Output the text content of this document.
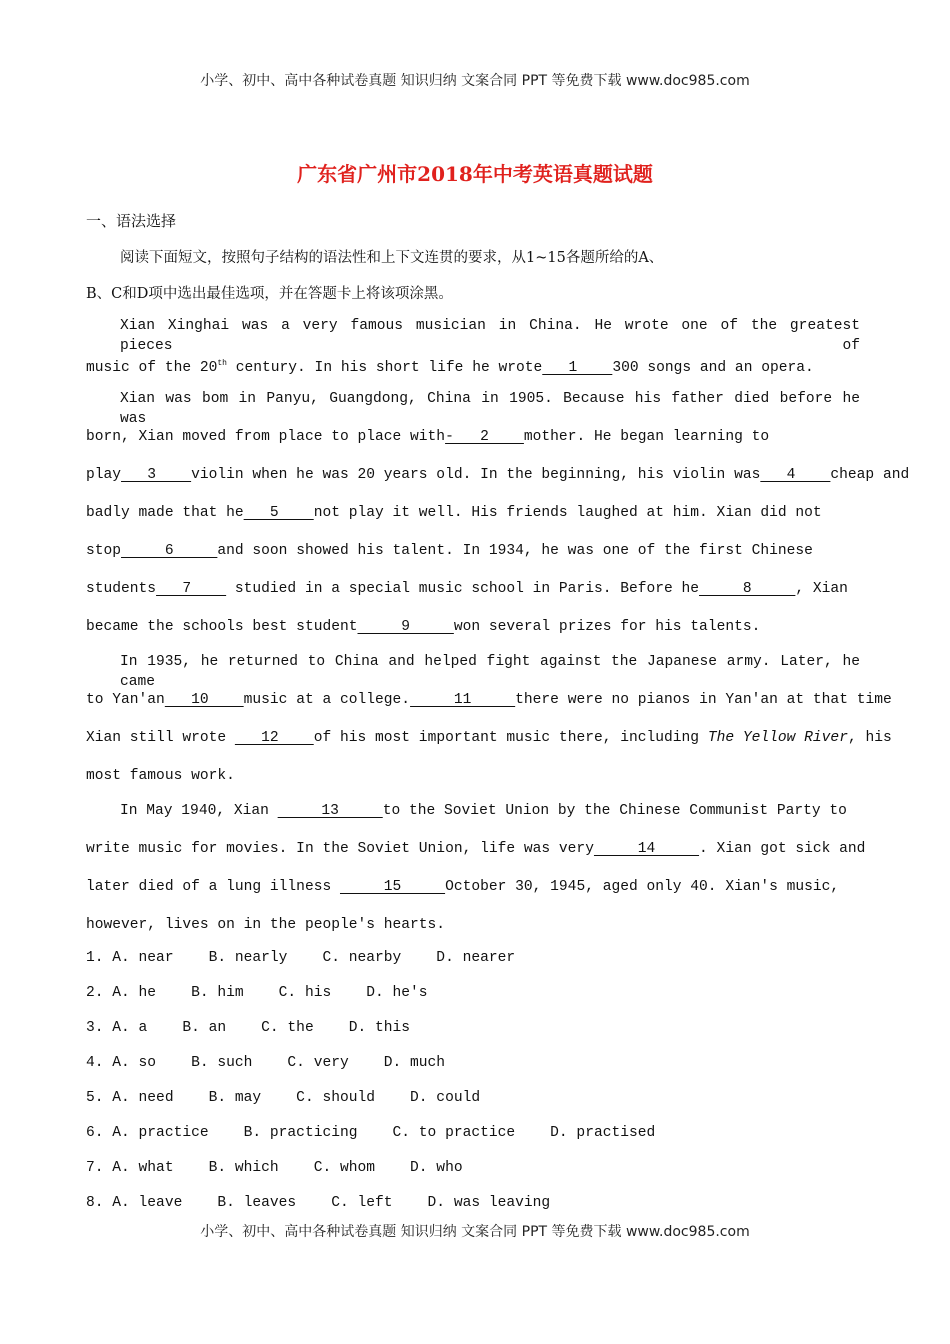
小学、初中、高中各种试卷真题 知识归纳 文案合同 PPT 等免费下载 www.doc985.com
广东省广州市2018年中考英语真题试题
一、语法选择
阅读下面短文，按照句子结构的语法性和上下文连贯的要求，从1~15各题所给的A、
B、C和D项中选出最佳选项，并在答题卡上将该项涂黑。
Xian Xinghai was a very famous musician in China. He wrote one of the greatest pieces of
music of the 20th century. In his short life he wrote   1    300 songs and an opera.
Xian was bom in Panyu, Guangdong, China in 1905. Because his father died before he was
born, Xian moved from place to place with-   2    mother. He began learning to
play   3    violin when he was 20 years old. In the beginning, his violin was   4    cheap and
badly made that he   5    not play it well. His friends laughed at him. Xian did not
stop     6     and soon showed his talent. In 1934, he was one of the first Chinese
students   7     studied in a special music school in Paris. Before he     8     , Xian
became the schools best student     9     won several prizes for his talents.
In 1935, he returned to China and helped fight against the Japanese army. Later, he came
to Yan'an   10    music at a college.     11     there were no pianos in Yan'an at that time
Xian still wrote    12    of his most important music there, including The Yellow River, his
most famous work.
In May 1940, Xian      13     to the Soviet Union by the Chinese Communist Party to
write music for movies. In the Soviet Union, life was very     14     . Xian got sick and
later died of a lung illness      15     October 30, 1945, aged only 40. Xian's music,
however, lives on in the people's hearts.
1. A. near    B. nearly    C. nearby    D. nearer
2. A. he    B. him    C. his    D. he's
3. A. a    B. an    C. the    D. this
4. A. so    B. such    C. very    D. much
5. A. need    B. may    C. should    D. could
6. A. practice    B. practicing    C. to practice    D. practised
7. A. what    B. which    C. whom    D. who
8. A. leave    B. leaves    C. left    D. was leaving
小学、初中、高中各种试卷真题 知识归纳 文案合同 PPT 等免费下载 www.doc985.com
